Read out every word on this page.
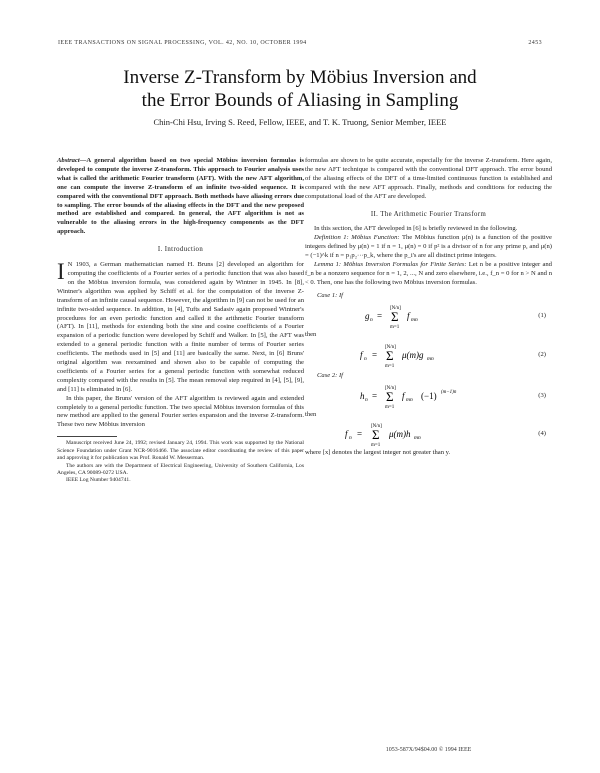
IEEE TRANSACTIONS ON SIGNAL PROCESSING, VOL. 42, NO. 10, OCTOBER 1994	2453
Inverse Z-Transform by Möbius Inversion and
the Error Bounds of Aliasing in Sampling
Chin-Chi Hsu, Irving S. Reed, Fellow, IEEE, and T. K. Truong, Senior Member, IEEE

Abstract—A general algorithm based on two special Möbius inversion formulas is developed to compute the inverse Z-transform. This approach to Fourier analysis uses what is called the arithmetic Fourier transform (AFT). With the new AFT algorithm, one can compute the inverse Z-transform of an infinite two-sided sequence. It is compared with the conventional DFT approach. Both methods have aliasing errors due to sampling. The error bounds of the aliasing effects in the DFT and the new proposed method are established and compared. In general, the AFT algorithm is not as vulnerable to the aliasing errors in the high-frequency components as the DFT approach.

I. Introduction

I N 1903, a German mathematician named H. Bruns [2] developed an algorithm for computing the coefficients of a Fourier series of a periodic function that was also based on the Möbius inversion formula, was considered again by Wintner in 1945. In [8], Wintner's algorithm was applied by Schiff et al. for the computation of the inverse Z-transform of an infinite causal sequence. However, the algorithm in [9] can not be used for an infinite two-sided sequence. In addition, in [4], Tufts and Sadasiv again proposed Wintner's procedures for an even periodic function and called it the arithmetic Fourier transform (AFT). In [11], methods for extending both the sine and cosine coefficients of a Fourier expansion of a periodic function were developed by Schiff and Walker. In [5], the AFT was extended to a general periodic function with a finite number of terms of Fourier series coefficients. The methods used in [5] and [11] are basically the same. Next, in [6] Bruns' original algorithm was reexamined and shown also to be capable of computing the coefficients of a Fourier series for a general periodic function with somewhat reduced complexity compared with the results in [5]. The mean removal step required in [4], [5], [9], and [11] is eliminated in [6].

In this paper, the Bruns' version of the AFT algorithm is reviewed again and extended completely to a general periodic function. The two special Möbius inversion formulas of this new method are applied to the general Fourier series expansion and the inverse Z-transform. These two new Möbius inversion

Manuscript received June 24, 1992; revised January 24, 1994. This work was supported by the National Science Foundation under Grant NCR-9016466. The associate editor coordinating the review of this paper and approving it for publication was Prof. Ronald W. Messerman.

The authors are with the Department of Electrical Engineering, University of Southern California, Los Angeles, CA 90089-0272 USA.

IEEE Log Number 9404741.

formulas are shown to be quite accurate, especially for the inverse Z-transform. Here again, the new AFT technique is compared with the conventional DFT approach. The error bound of the aliasing effects of the DFT of a time-limited continuous function is established and compared with the new AFT approach. Finally, methods and conditions for reducing the computational load of the AFT are developed.

II. The Arithmetic Fourier Transform

In this section, the AFT developed in [6] is briefly reviewed in the following.

Definition 1: Möbius Function: The Möbius function μ(n) is a function of the positive integers defined by μ(n) = 1 if n = 1, μ(n) = 0 if p² is a divisor of n for any prime p, and μ(n) = (−1)^k if n = p₁p₂···p_k, where the p_i's are all distinct prime integers.

Lemma 1: Möbius Inversion Formulas for Finite Series: Let n be a positive integer and f_n be a nonzero sequence for n = 1, 2, ..., N and zero elsewhere, i.e., f_n = 0 for n > N and n < 0. Then, one has the following two Möbius inversion formulas.

Case 1: If
g n =
[N/n]
Σ
m=1
f mn
(1)
then
f n =
[N/n]
Σ
m=1
μ(m)g mn
(2)
Case 2: If
h n =
[N/n]
Σ
m=1
f mn (−1) (m−1)n	(3)
then
f n =
[N/n]
Σ
m=1
μ(m)h mn
(4)

where [x] denotes the largest integer not greater than y.

1053-587X/94$04.00 © 1994 IEEE
